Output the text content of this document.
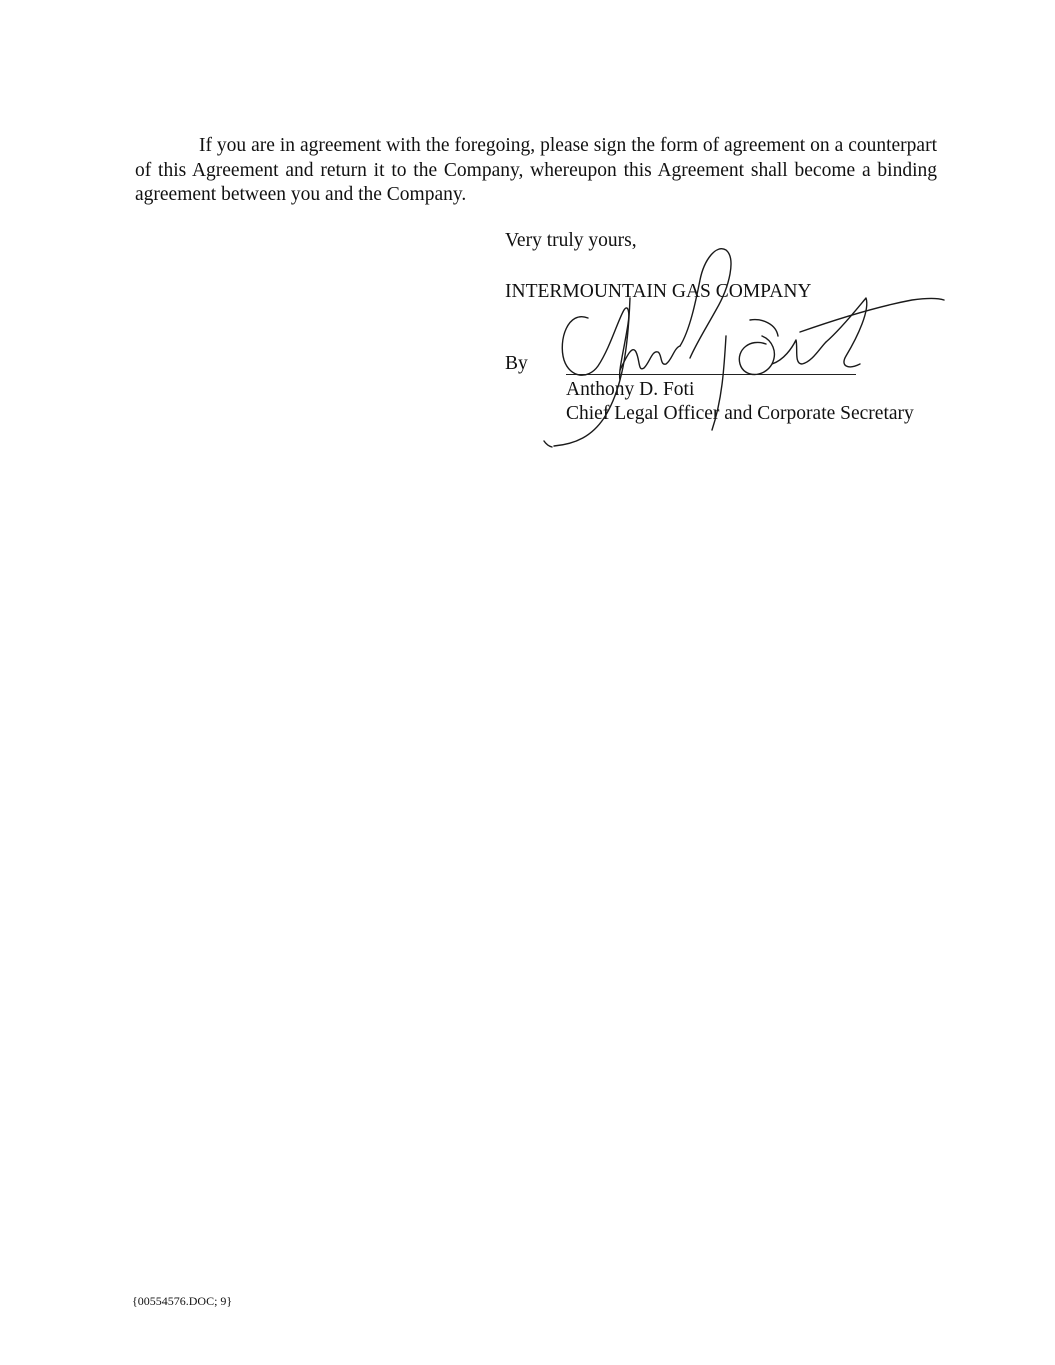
If you are in agreement with the foregoing, please sign the form of agreement on a counterpart of this Agreement and return it to the Company, whereupon this Agreement shall become a binding agreement between you and the Company.

Very truly yours,
INTERMOUNTAIN GAS COMPANY
By
Anthony D. Foti
Chief Legal Officer and Corporate Secretary
{00554576.DOC; 9}
